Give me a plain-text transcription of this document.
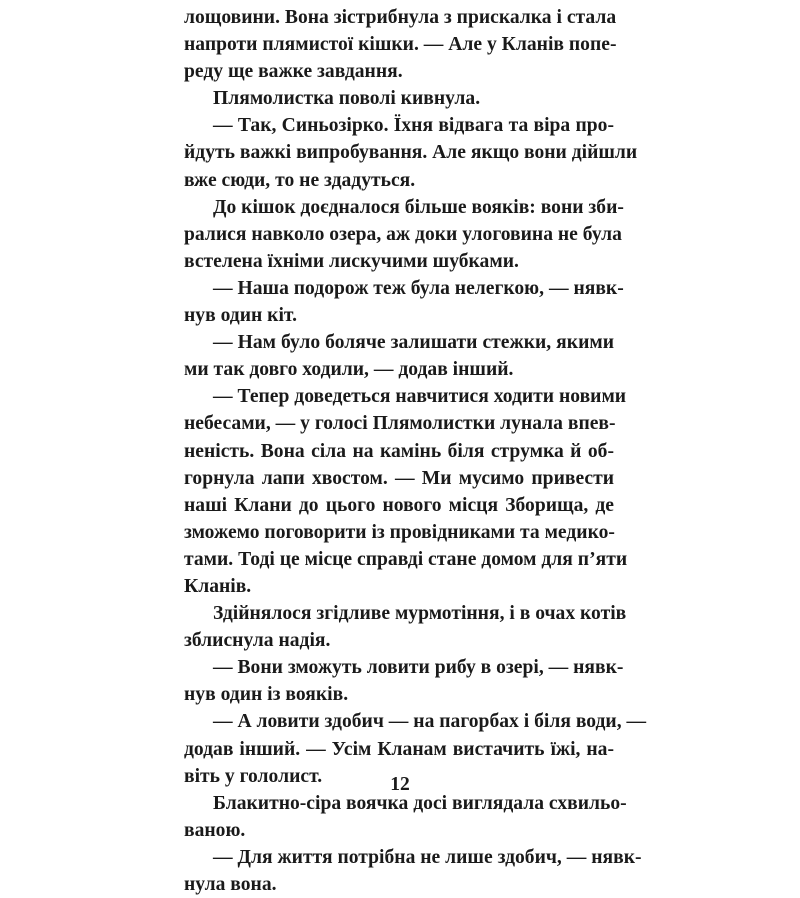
лощовини. Вона зістрибнула з прискалка і стала
напроти плямистої кішки. — Але у Кланів попе-
реду ще важке завдання.
Плямолистка поволі кивнула.
— Так, Синьозірко. Їхня відвага та віра про-
йдуть важкі випробування. Але якщо вони дійшли
вже сюди, то не здадуться.
До кішок доєдналося більше вояків: вони зби-
ралися навколо озера, аж доки улоговина не була
встелена їхніми лискучими шубками.
— Наша подорож теж була нелегкою, — нявк-
нув один кіт.
— Нам було боляче залишати стежки, якими
ми так довго ходили, — додав інший.
— Тепер доведеться навчитися ходити новими
небесами, — у голосі Плямолистки лунала впев-
неність. Вона сіла на камінь біля струмка й об-
горнула лапи хвостом. — Ми мусимо привести
наші Клани до цього нового місця Зборища, де
зможемо поговорити із провідниками та медико-
тами. Тоді це місце справді стане домом для п’яти
Кланів.
Здійнялося згідливе мурмотіння, і в очах котів
зблиснула надія.
— Вони зможуть ловити рибу в озері, — нявк-
нув один із вояків.
— А ловити здобич — на пагорбах і біля води, —
додав інший. — Усім Кланам вистачить їжі, на-
віть у гололист.
Блакитно-сіра воячка досі виглядала схвильо-
ваною.
— Для життя потрібна не лише здобич, — нявк-
нула вона.
12
